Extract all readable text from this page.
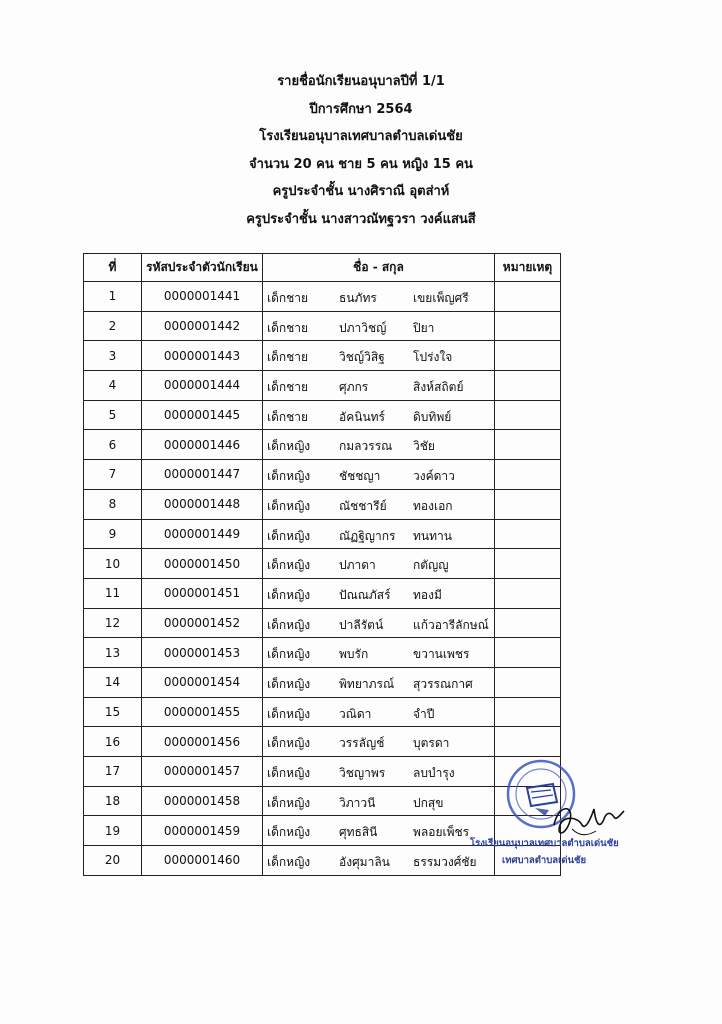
รายชื่อนักเรียนอนุบาลปีที่ 1/1
ปีการศึกษา 2564
โรงเรียนอนุบาลเทศบาลตำบลเด่นชัย
จำนวน 20 คน ชาย 5 คน หญิง 15 คน
ครูประจำชั้น นางศิราณี อุตส่าห์
ครูประจำชั้น นางสาวณัทฐวรา วงค์แสนสี
ที่	รหัสประจำตัวนักเรียน	ชื่อ - สกุล	หมายเหตุ
1	0000001441	เด็กชาย ธนภัทร เขยเพ็ญศรี	

2	0000001442	เด็กชาย ปภาวิชญ์ ปิยา	

3	0000001443	เด็กชาย วิชญ์วิสิฐ โปร่งใจ	

4	0000001444	เด็กชาย ศุภกร สิงห์สถิตย์	

5	0000001445	เด็กชาย อัคนินทร์ ดิบทิพย์	

6	0000001446	เด็กหญิง กมลวรรณ วิชัย	

7	0000001447	เด็กหญิง ชัชชญา วงค์ดาว	

8	0000001448	เด็กหญิง ณัชชารีย์ ทองเอก	

9	0000001449	เด็กหญิง ณัฏฐิญากร ทนทาน	

10	0000001450	เด็กหญิง ปภาดา กตัญญู	

11	0000001451	เด็กหญิง ปัณณภัสร์ ทองมี	

12	0000001452	เด็กหญิง ปาลีรัตน์ แก้วอารีลักษณ์	

13	0000001453	เด็กหญิง พบรัก ขวานเพชร	

14	0000001454	เด็กหญิง พิทยาภรณ์ สุวรรณกาศ	

15	0000001455	เด็กหญิง วณิดา จำปี	

16	0000001456	เด็กหญิง วรรลัญช์ บุตรดา	

17	0000001457	เด็กหญิง วิชญาพร ลบบำรุง	

18	0000001458	เด็กหญิง วิภาวนี ปกสุข	

19	0000001459	เด็กหญิง ศุทธสินี พลอยเพ็ชร	

20	0000001460	เด็กหญิง อังศุมาลิน ธรรมวงศ์ชัย	

โรงเรียนอนุบาลเทศบาลตำบลเด่นชัย
เทศบาลตำบลเด่นชัย
